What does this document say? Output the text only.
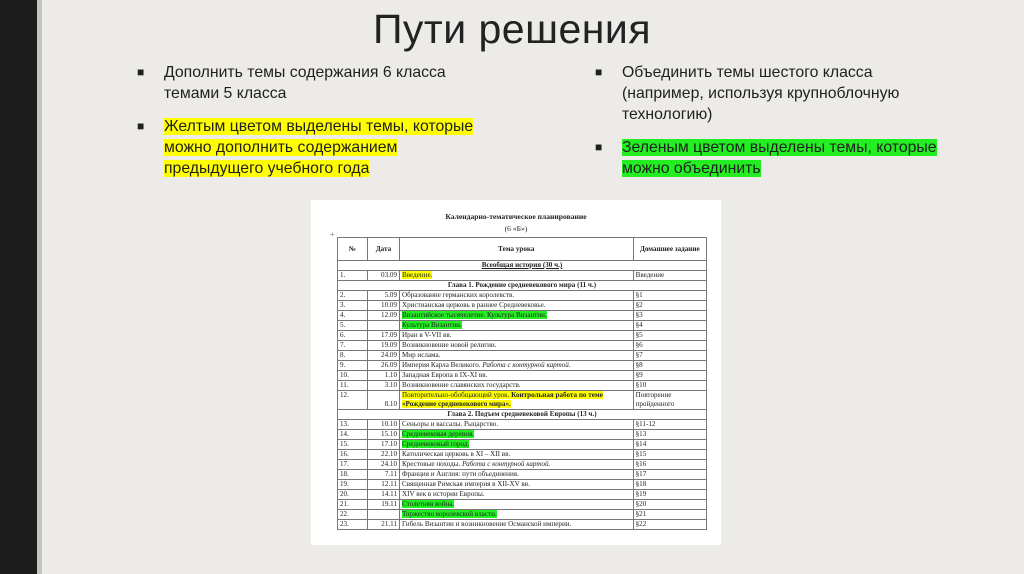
Пути решения
■ Дополнить темы содержания 6 класса темами 5 класса
■ Желтым цветом выделены темы, которые можно дополнить содержанием предыдущего учебного года
■ Объединить темы шестого класса (например, используя крупноблочную технологию)
■ Зеленым цветом выделены темы, которые можно объединить
Календарно-тематическое планирование
(6 «Б»)
+
№	Дата	Тема урока	Домашнее задание
Всеобщая история (30 ч.)			
1.	03.09	Введение.	Введение
Глава 1. Рождение средневекового мира (11 ч.)			
2.	5.09	Образование германских королевств.	§1
3.	10.09	Христианская церковь в раннее Средневековье.	§2
4.	12.09	Византийское тысячелетие. Культура Византии.	§3
5.		Культура Византии.	§4
6.	17.09	Иран в V-VII вв.	§5
7.	19.09	Возникновение новой религии.	§6
8.	24.09	Мир ислама.	§7
9.	26.09	Империя Карла Великого. Работа с контурной картой.	§8
10.	1.10	Западная Европа в IX-XI вв.	§9
11.	3.10	Возникновение славянских государств.	§10
12.	8.10	Повторительно-обобщающий урок. Контрольная работа по теме «Рождение средневекового мира».	Повторение пройденного
Глава 2. Подъем средневековой Европы (13 ч.)			
13.	10.10	Сеньоры и вассалы. Рыцарство.	§11-12
14.	15.10	Средневековая деревня.	§13
15.	17.10	Средневековый город.	§14
16.	22.10	Католическая церковь в XI – XII вв.	§15
17.	24.10	Крестовые походы. Работа с контурной картой.	§16
18.	7.11	Франция и Англия: пути объединения.	§17
19.	12.11	Священная Римская империя в XII-XV вв.	§18
20.	14.11	XIV век в истории Европы.	§19
21.	19.11	Столетняя война.	§20
22.		Торжество королевской власти.	§21
23.	21.11	Гибель Византии и возникновение Османской империи.	§22
